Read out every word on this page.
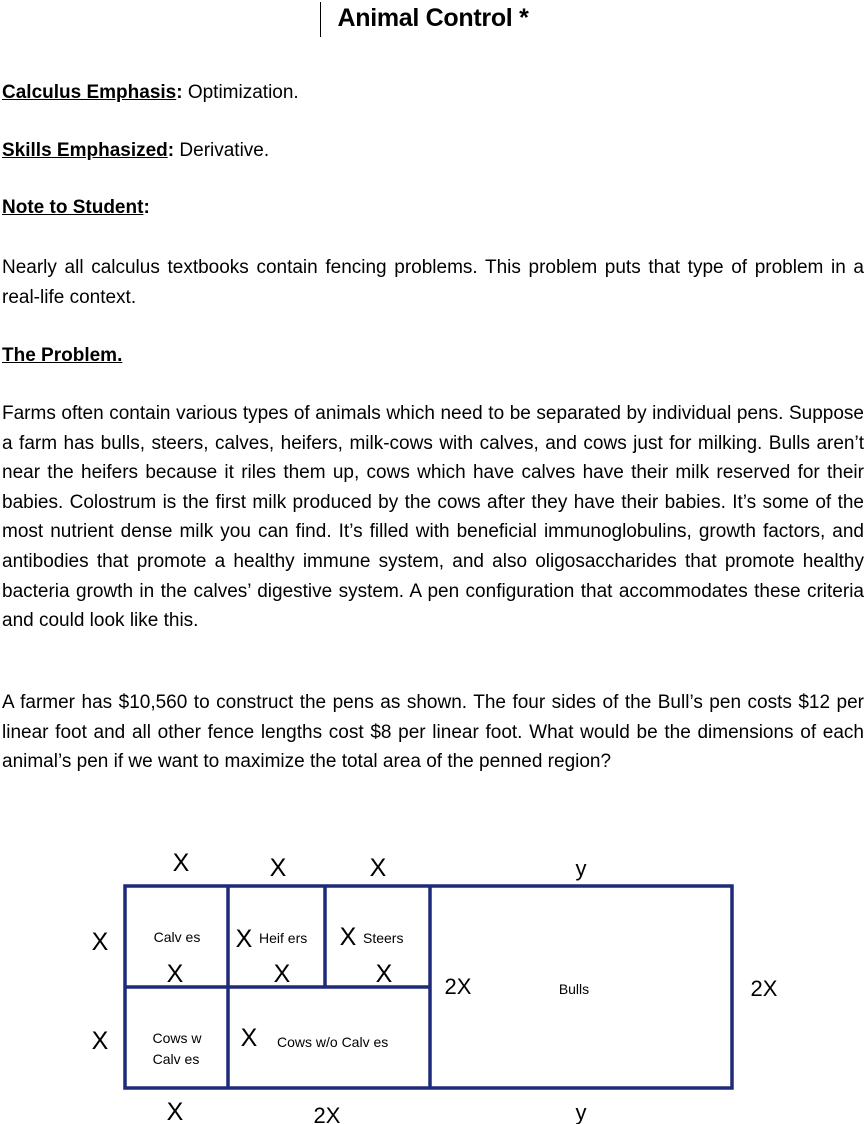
Animal Control *
Calculus Emphasis: Optimization.
Skills Emphasized: Derivative.
Note to Student:

Nearly all calculus textbooks contain fencing problems. This problem puts that type of problem in a real-life context.

The Problem.

Farms often contain various types of animals which need to be separated by individual pens. Suppose a farm has bulls, steers, calves, heifers, milk-cows with calves, and cows just for milking. Bulls aren’t near the heifers because it riles them up, cows which have calves have their milk reserved for their babies. Colostrum is the first milk produced by the cows after they have their babies. It’s some of the most nutrient dense milk you can find. It’s filled with beneficial immunoglobulins, growth factors, and antibodies that promote a healthy immune system, and also oligosaccharides that promote healthy bacteria growth in the calves’ digestive system. A pen configuration that accommodates these criteria and could look like this.

A farmer has $10,560 to construct the pens as shown. The four sides of the Bull’s pen costs $12 per linear foot and all other fence lengths cost $8 per linear foot. What would be the dimensions of each animal’s pen if we want to maximize the total area of the penned region?

X	X	X	y
X
X
X	2X	y
2X
2X
X	X	X
Calv es X Heif ers X Steers
Bulls
Cows w
Calv es
X Cows w/o Calv es
